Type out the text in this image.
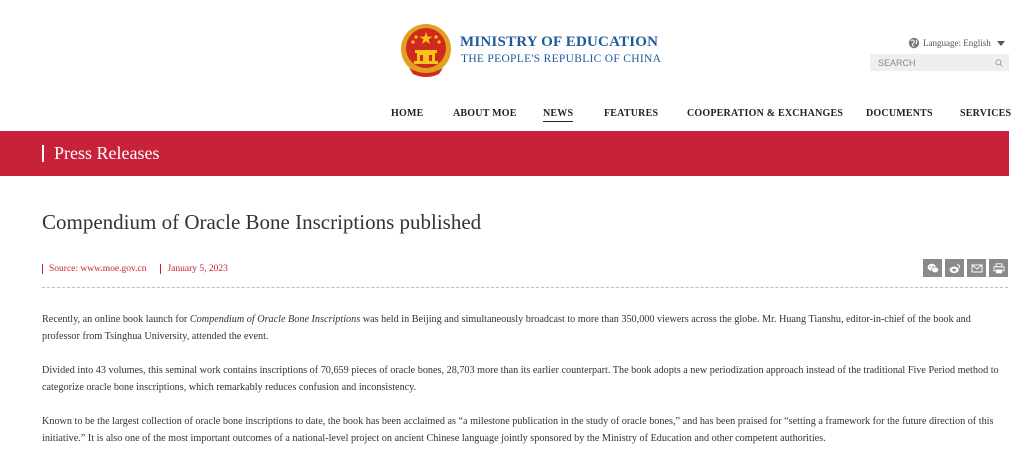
MINISTRY OF EDUCATION
THE PEOPLE'S REPUBLIC OF CHINA
Language: English
SEARCH
HOME	ABOUT MOE	NEWS	FEATURES	COOPERATION & EXCHANGES DOCUMENTS	SERVICES
Press Releases
Compendium of Oracle Bone Inscriptions published
Source: www.moe.gov.cn	January 5, 2023

Recently, an online book launch for Compendium of Oracle Bone Inscriptions was held in Beijing and simultaneously broadcast to more than 350,000 viewers across the globe. Mr. Huang Tianshu, editor-in-chief of the book and professor from Tsinghua University, attended the event.

Divided into 43 volumes, this seminal work contains inscriptions of 70,659 pieces of oracle bones, 28,703 more than its earlier counterpart. The book adopts a new periodization approach instead of the traditional Five Period method to categorize oracle bone inscriptions, which remarkably reduces confusion and inconsistency.

Known to be the largest collection of oracle bone inscriptions to date, the book has been acclaimed as “a milestone publication in the study of oracle bones,” and has been praised for “setting a framework for the future direction of this initiative.” It is also one of the most important outcomes of a national-level project on ancient Chinese language jointly sponsored by the Ministry of Education and other competent authorities.
